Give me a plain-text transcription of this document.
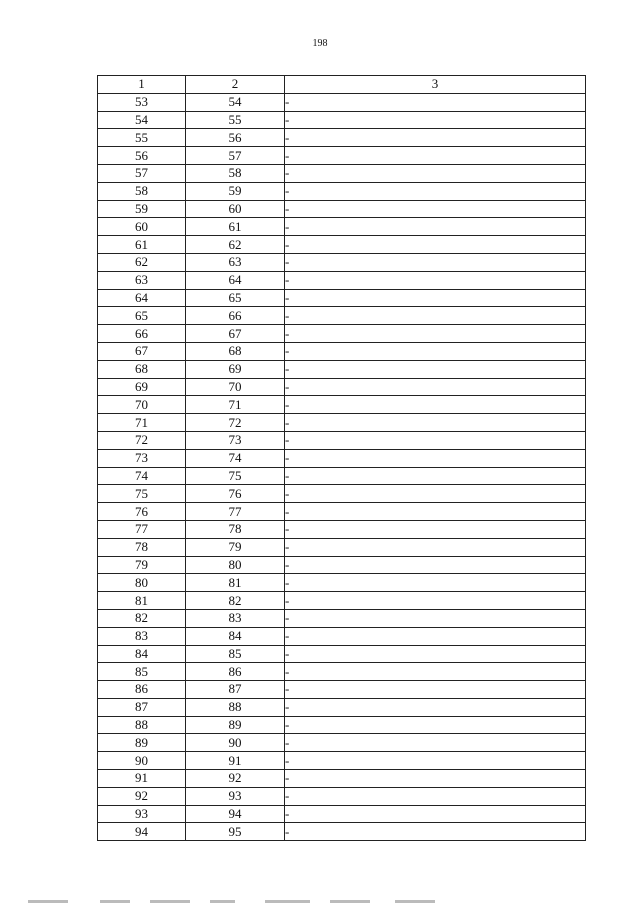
198
1	2	3
53	54	-
54	55	-
55	56	-
56	57	-
57	58	-
58	59	-
59	60	-
60	61	-
61	62	-
62	63	-
63	64	-
64	65	-
65	66	-
66	67	-
67	68	-
68	69	-
69	70	-
70	71	-
71	72	-
72	73	-
73	74	-
74	75	-
75	76	-
76	77	-
77	78	-
78	79	-
79	80	-
80	81	-
81	82	-
82	83	-
83	84	-
84	85	-
85	86	-
86	87	-
87	88	-
88	89	-
89	90	-
90	91	-
91	92	-
92	93	-
93	94	-
94	95	-
